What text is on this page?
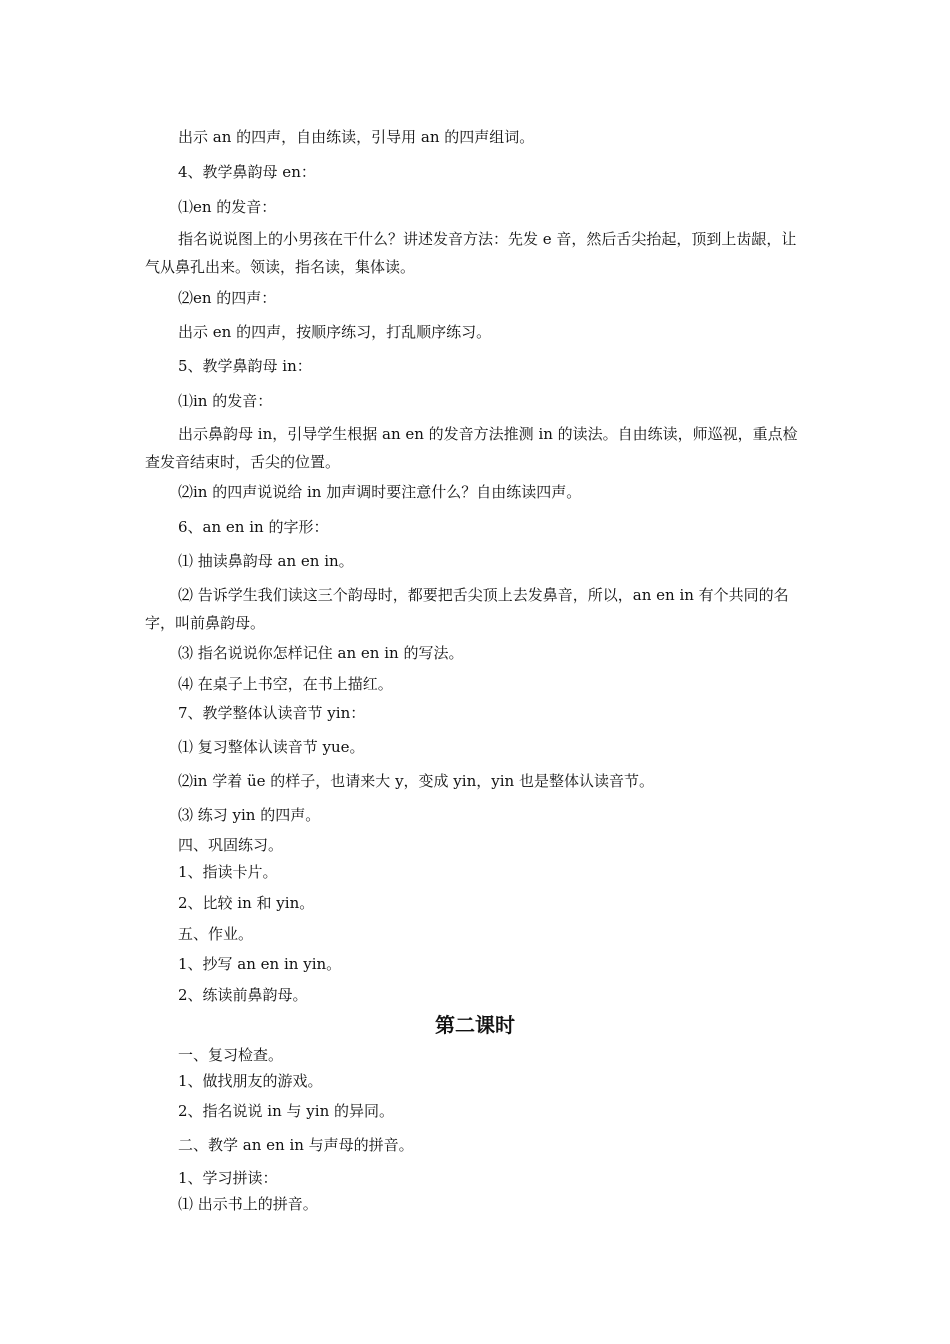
出示 an 的四声，自由练读，引导用 an 的四声组词。
4、教学鼻韵母 en：
⑴en 的发音：
指名说说图上的小男孩在干什么？讲述发音方法：先发 e 音，然后舌尖抬起，顶到上齿龈，让气从鼻孔出来。领读，指名读，集体读。
⑵en 的四声：
出示 en 的四声，按顺序练习，打乱顺序练习。
5、教学鼻韵母 in：
⑴in 的发音：
出示鼻韵母 in，引导学生根据 an en 的发音方法推测 in 的读法。自由练读，师巡视，重点检查发音结束时，舌尖的位置。
⑵in 的四声说说给 in 加声调时要注意什么？自由练读四声。
6、an en in 的字形：
⑴ 抽读鼻韵母 an en in。
⑵ 告诉学生我们读这三个韵母时，都要把舌尖顶上去发鼻音，所以，an en in 有个共同的名字，叫前鼻韵母。
⑶ 指名说说你怎样记住 an en in 的写法。
⑷ 在桌子上书空，在书上描红。
7、教学整体认读音节 yin：
⑴ 复习整体认读音节 yue。
⑵in 学着 üe 的样子，也请来大 y，变成 yin，yin 也是整体认读音节。
⑶ 练习 yin 的四声。
四、巩固练习。
1、指读卡片。
2、比较 in 和 yin。
五、作业。
1、抄写 an en in yin。
2、练读前鼻韵母。
第二课时
一、复习检查。
1、做找朋友的游戏。
2、指名说说 in 与 yin 的异同。
二、教学 an en in 与声母的拼音。
1、学习拼读：
⑴ 出示书上的拼音。
